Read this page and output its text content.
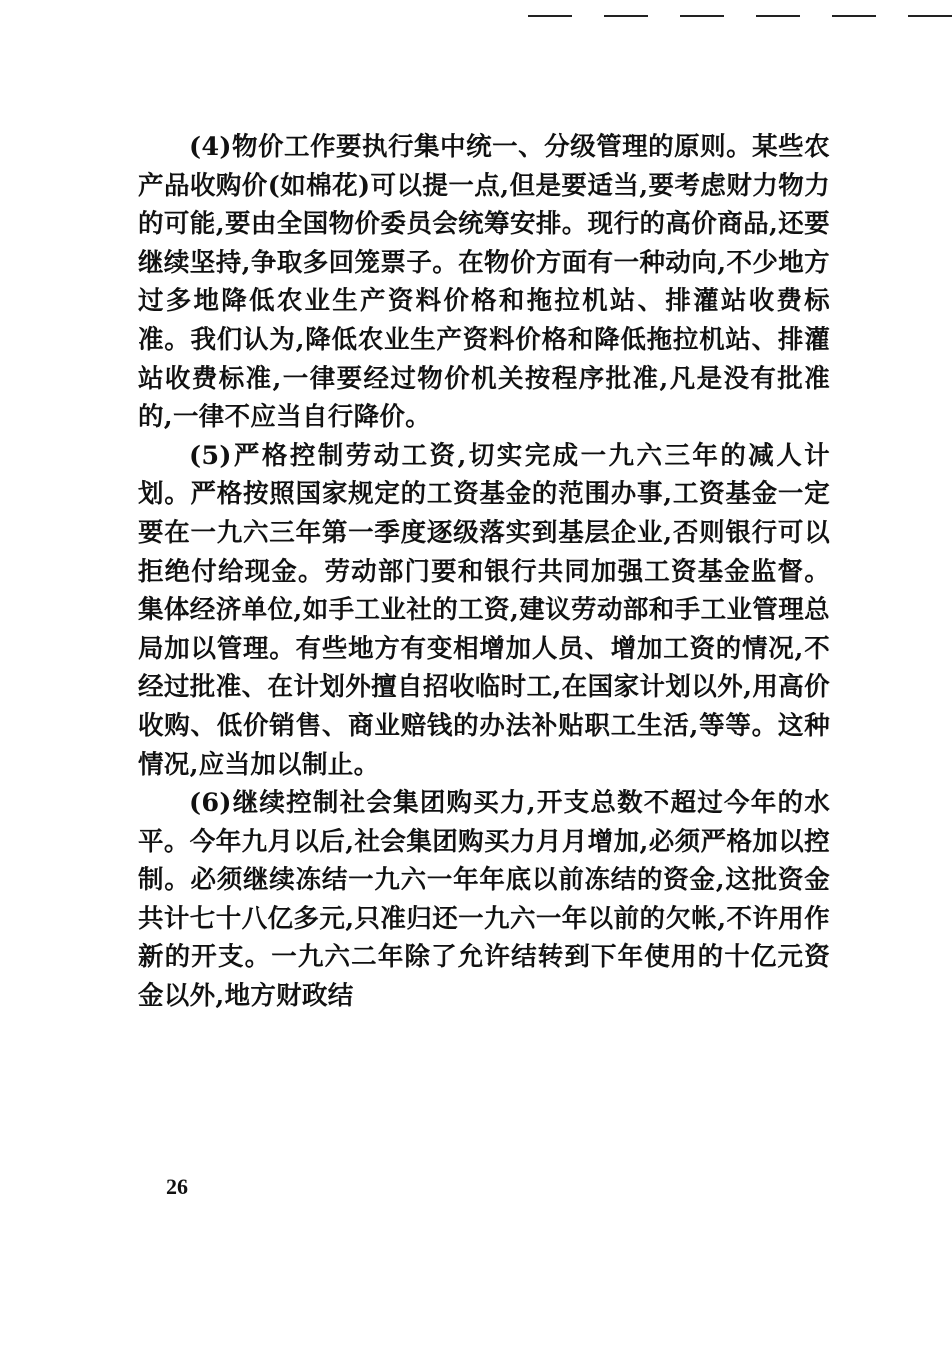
(4)物价工作要执行集中统一、分级管理的原则。某些农产品收购价(如棉花)可以提一点,但是要适当,要考虑财力物力的可能,要由全国物价委员会统筹安排。现行的高价商品,还要继续坚持,争取多回笼票子。在物价方面有一种动向,不少地方过多地降低农业生产资料价格和拖拉机站、排灌站收费标准。我们认为,降低农业生产资料价格和降低拖拉机站、排灌站收费标准,一律要经过物价机关按程序批准,凡是没有批准的,一律不应当自行降价。

(5)严格控制劳动工资,切实完成一九六三年的减人计划。严格按照国家规定的工资基金的范围办事,工资基金一定要在一九六三年第一季度逐级落实到基层企业,否则银行可以拒绝付给现金。劳动部门要和银行共同加强工资基金监督。集体经济单位,如手工业社的工资,建议劳动部和手工业管理总局加以管理。有些地方有变相增加人员、增加工资的情况,不经过批准、在计划外擅自招收临时工,在国家计划以外,用高价收购、低价销售、商业赔钱的办法补贴职工生活,等等。这种情况,应当加以制止。

(6)继续控制社会集团购买力,开支总数不超过今年的水平。今年九月以后,社会集团购买力月月增加,必须严格加以控制。必须继续冻结一九六一年年底以前冻结的资金,这批资金共计七十八亿多元,只准归还一九六一年以前的欠帐,不许用作新的开支。一九六二年除了允许结转到下年使用的十亿元资金以外,地方财政结

26
